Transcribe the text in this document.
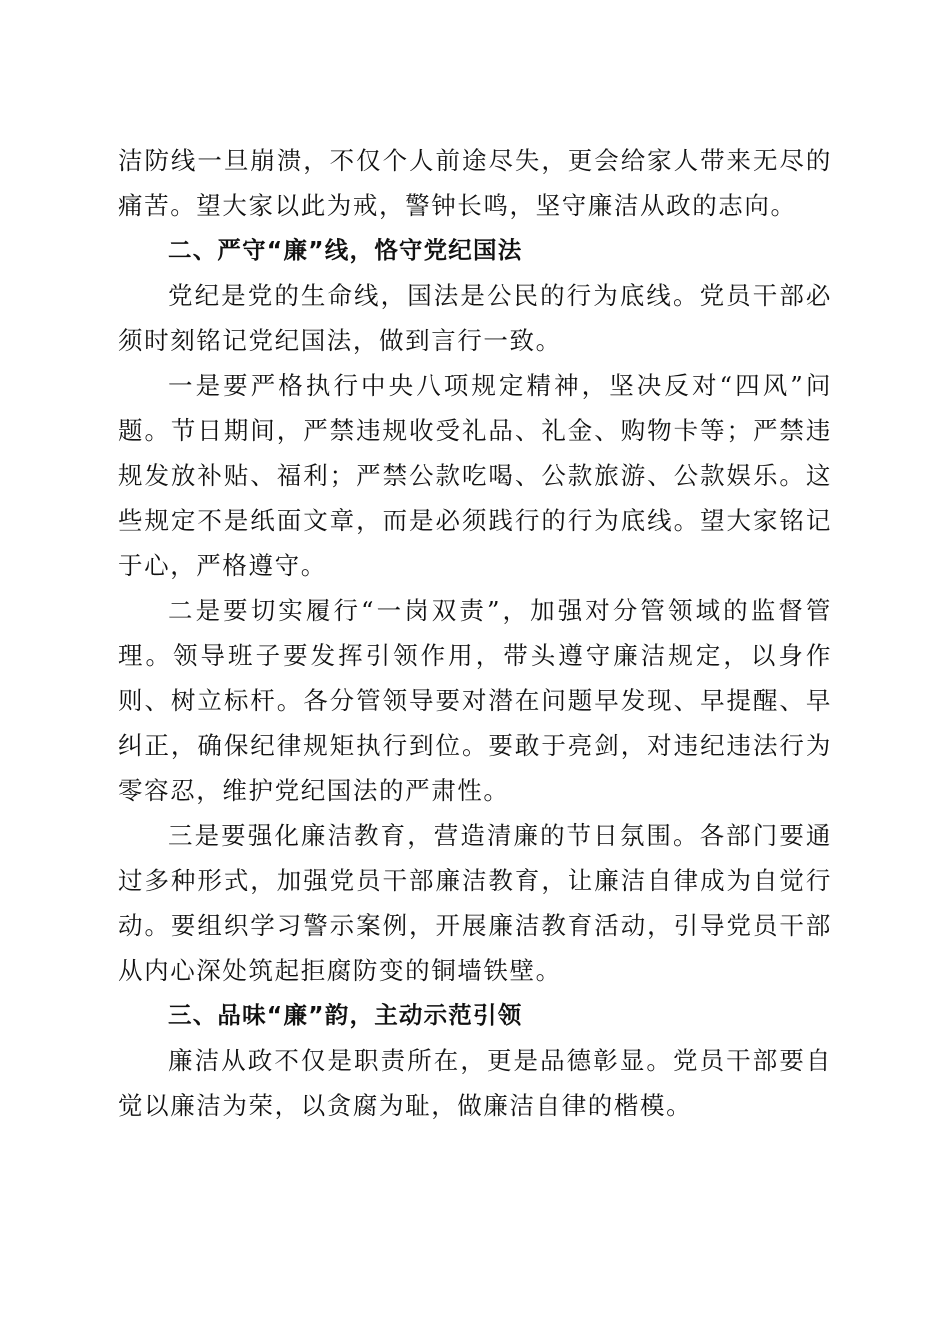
洁防线一旦崩溃，不仅个人前途尽失，更会给家人带来无尽的痛苦。望大家以此为戒，警钟长鸣，坚守廉洁从政的志向。

二、严守“廉”线，恪守党纪国法

党纪是党的生命线，国法是公民的行为底线。党员干部必须时刻铭记党纪国法，做到言行一致。

一是要严格执行中央八项规定精神，坚决反对“四风”问题。节日期间，严禁违规收受礼品、礼金、购物卡等；严禁违规发放补贴、福利；严禁公款吃喝、公款旅游、公款娱乐。这些规定不是纸面文章，而是必须践行的行为底线。望大家铭记于心，严格遵守。

二是要切实履行“一岗双责”，加强对分管领域的监督管理。领导班子要发挥引领作用，带头遵守廉洁规定，以身作则、树立标杆。各分管领导要对潜在问题早发现、早提醒、早纠正，确保纪律规矩执行到位。要敢于亮剑，对违纪违法行为零容忍，维护党纪国法的严肃性。

三是要强化廉洁教育，营造清廉的节日氛围。各部门要通过多种形式，加强党员干部廉洁教育，让廉洁自律成为自觉行动。要组织学习警示案例，开展廉洁教育活动，引导党员干部从内心深处筑起拒腐防变的铜墙铁壁。

三、品味“廉”韵，主动示范引领

廉洁从政不仅是职责所在，更是品德彰显。党员干部要自觉以廉洁为荣，以贪腐为耻，做廉洁自律的楷模。
